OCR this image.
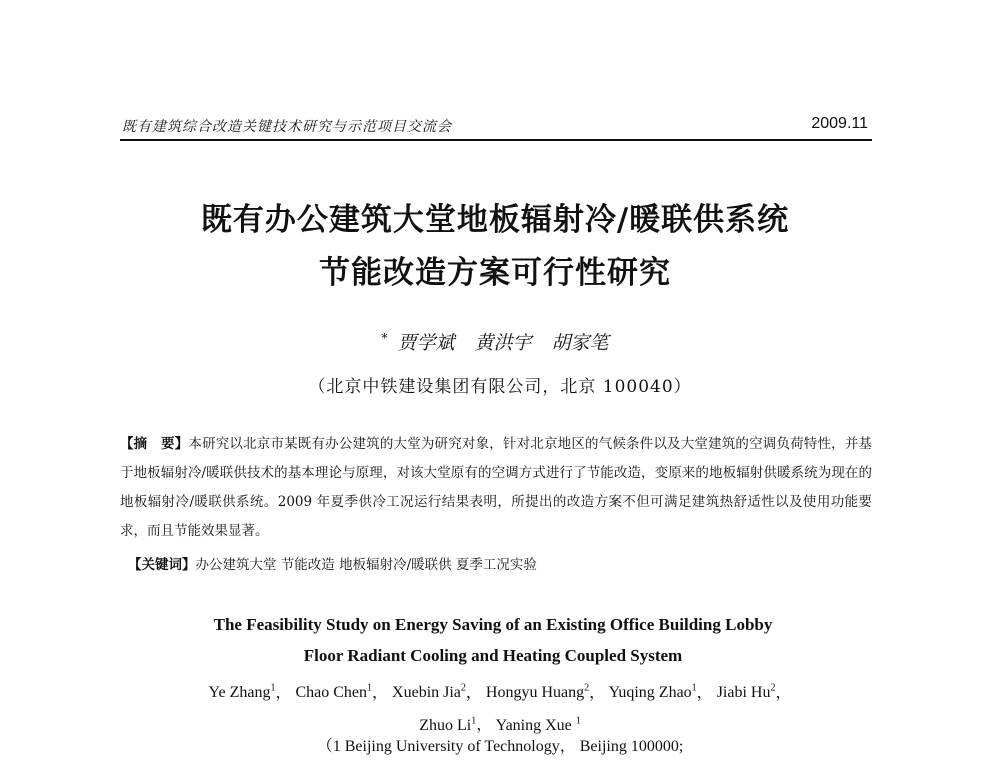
既有建筑综合改造关键技术研究与示范项目交流会	2009.11
既有办公建筑大堂地板辐射冷/暖联供系统
节能改造方案可行性研究
* 贾学斌 黄洪宇 胡家笔
（北京中铁建设集团有限公司，北京 100040）
【摘　要】本研究以北京市某既有办公建筑的大堂为研究对象，针对北京地区的气候条件以及大堂建筑的空调负荷特性，并基于地板辐射冷/暖联供技术的基本理论与原理，对该大堂原有的空调方式进行了节能改造，变原来的地板辐射供暖系统为现在的地板辐射冷/暖联供系统。2009 年夏季供冷工况运行结果表明，所提出的改造方案不但可满足建筑热舒适性以及使用功能要求，而且节能效果显著。
【关键词】办公建筑大堂 节能改造 地板辐射冷/暖联供 夏季工况实验
The Feasibility Study on Energy Saving of an Existing Office Building Lobby
Floor Radiant Cooling and Heating Coupled System
Ye Zhang$^1$， Chao Chen$^1$， Xuebin Jia$^2$， Hongyu Huang$^2$， Yuqing Zhao$^1$， Jiabi Hu$^2$，
Zhuo Li$^1$， Yaning Xue $^1$
（1 Beijing University of Technology， Beijing 100000;
